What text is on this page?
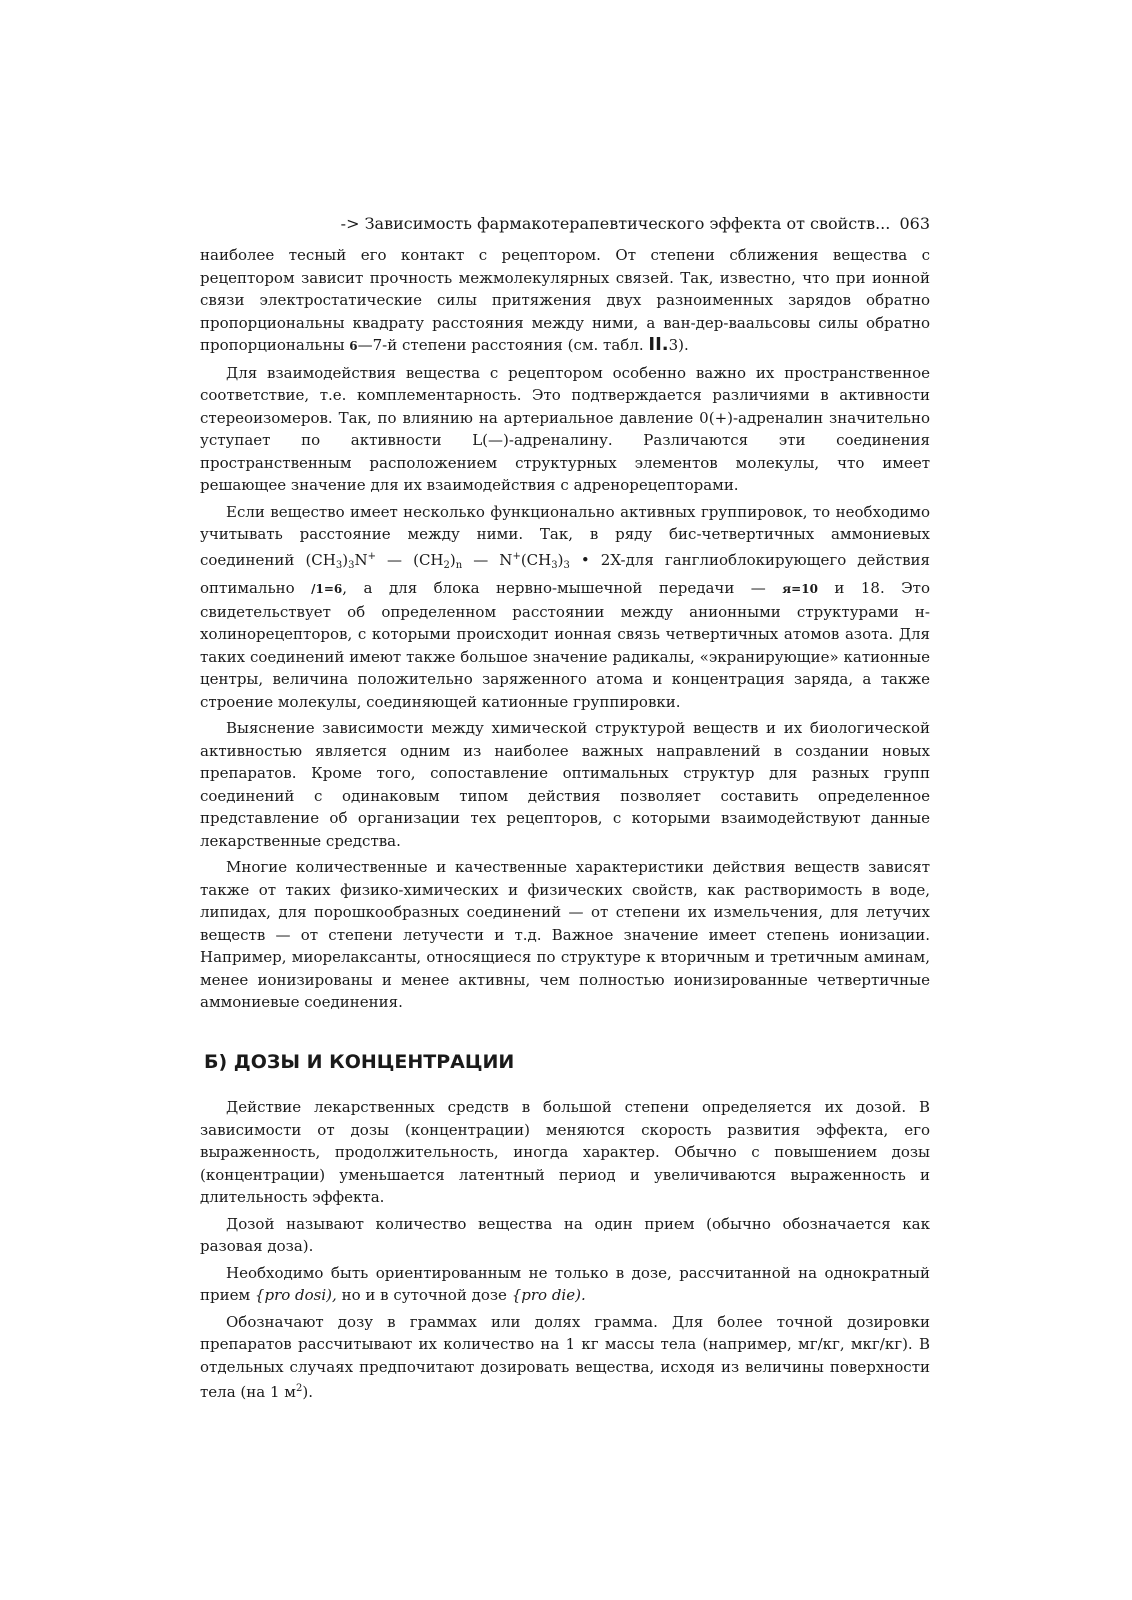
-> Зависимость фармакотерапевтического эффекта от свойств... 063

наиболее тесный его контакт с рецептором. От степени сближения вещества с рецептором зависит прочность межмолекулярных связей. Так, известно, что при ионной связи электростатические силы притяжения двух разноименных зарядов обратно пропорциональны квадрату расстояния между ними, а ван-дер-ваальсовы силы обратно пропорциональны 6—7-й степени расстояния (см. табл. II.3).

Для взаимодействия вещества с рецептором особенно важно их пространственное соответствие, т.е. комплементарность. Это подтверждается различиями в активности стереоизомеров. Так, по влиянию на артериальное давление 0(+)-адреналин значительно уступает по активности L(—)-адреналину. Различаются эти соединения пространственным расположением структурных элементов молекулы, что имеет решающее значение для их взаимодействия с адренорецепторами.

Если вещество имеет несколько функционально активных группировок, то необходимо учитывать расстояние между ними. Так, в ряду бис-четвертичных аммониевых соединений $(CH_3)_3N^+$ — $(CH_2)_n$ — $N^+(CH_3)_3$ • 2X-для ганглиоблокирующего действия оптимально /1=6, а для блока нервно-мышечной передачи — я=10 и 18. Это свидетельствует об определенном расстоянии между анионными структурами н-холинорецепторов, с которыми происходит ионная связь четвертичных атомов азота. Для таких соединений имеют также большое значение радикалы, «экранирующие» катионные центры, величина положительно заряженного атома и концентрация заряда, а также строение молекулы, соединяющей катионные группировки.

Выяснение зависимости между химической структурой веществ и их биологической активностью является одним из наиболее важных направлений в создании новых препаратов. Кроме того, сопоставление оптимальных структур для разных групп соединений с одинаковым типом действия позволяет составить определенное представление об организации тех рецепторов, с которыми взаимодействуют данные лекарственные средства.

Многие количественные и качественные характеристики действия веществ зависят также от таких физико-химических и физических свойств, как растворимость в воде, липидах, для порошкообразных соединений — от степени их измельчения, для летучих веществ — от степени летучести и т.д. Важное значение имеет степень ионизации. Например, миорелаксанты, относящиеся по структуре к вторичным и третичным аминам, менее ионизированы и менее активны, чем полностью ионизированные четвертичные аммониевые соединения.

Б) ДОЗЫ И КОНЦЕНТРАЦИИ

Действие лекарственных средств в большой степени определяется их дозой. В зависимости от дозы (концентрации) меняются скорость развития эффекта, его выраженность, продолжительность, иногда характер. Обычно с повышением дозы (концентрации) уменьшается латентный период и увеличиваются выраженность и длительность эффекта.

Дозой называют количество вещества на один прием (обычно обозначается как разовая доза).

Необходимо быть ориентированным не только в дозе, рассчитанной на однократный прием {pro dosi), но и в суточной дозе {pro die).

Обозначают дозу в граммах или долях грамма. Для более точной дозировки препаратов рассчитывают их количество на 1 кг массы тела (например, мг/кг, мкг/кг). В отдельных случаях предпочитают дозировать вещества, исходя из величины поверхности тела (на 1 $м^2$).
